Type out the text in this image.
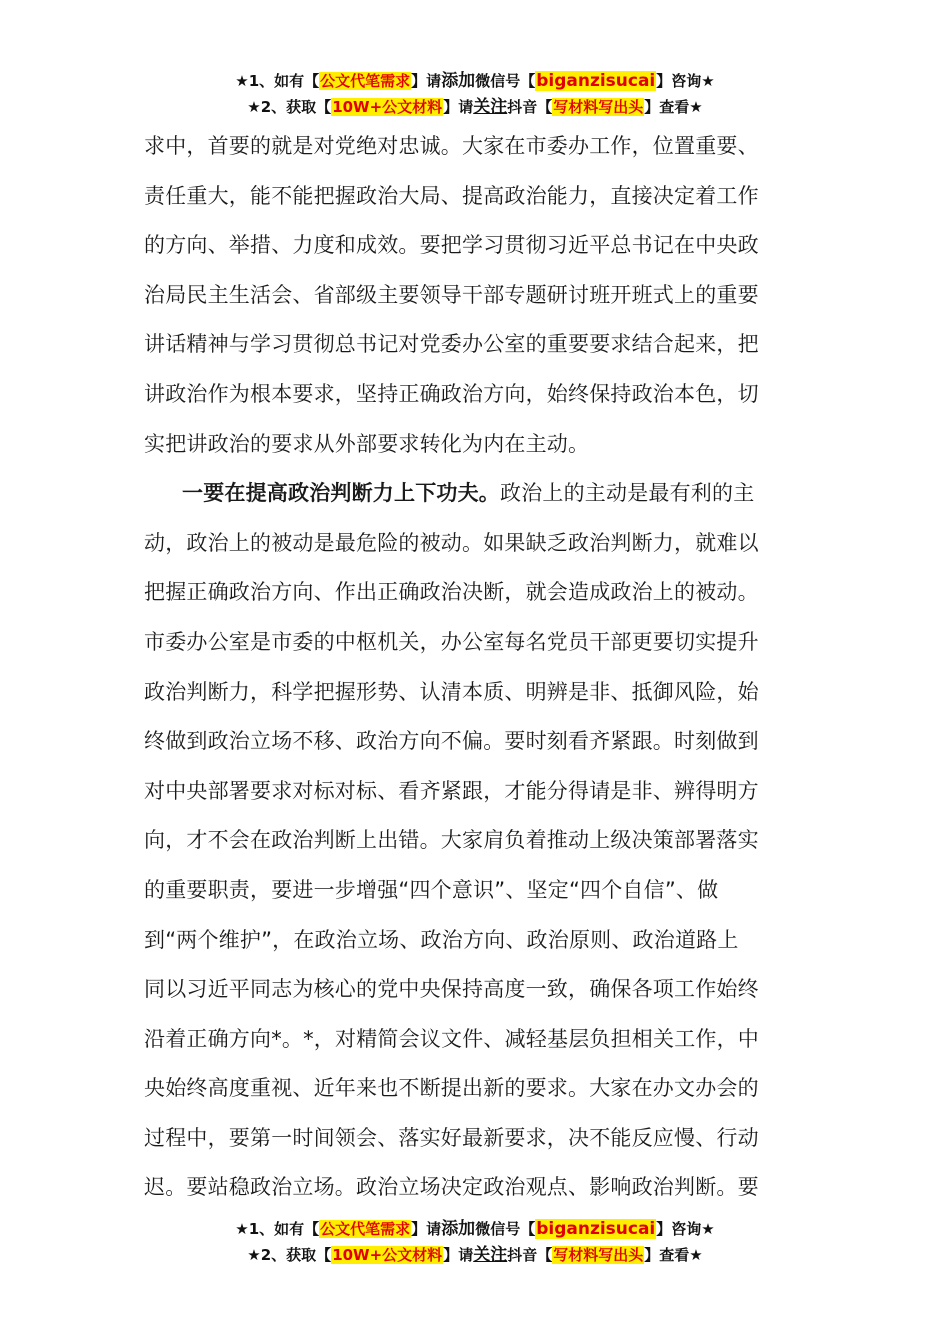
★1、如有【公文代笔需求】请添加微信号【biganzisucai】咨询★
★2、获取【10W+公文材料】请关注抖音【写材料写出头】查看★
求中，首要的就是对党绝对忠诚。大家在市委办工作，位置重要、
责任重大，能不能把握政治大局、提高政治能力，直接决定着工作
的方向、举措、力度和成效。要把学习贯彻习近平总书记在中央政
治局民主生活会、省部级主要领导干部专题研讨班开班式上的重要
讲话精神与学习贯彻总书记对党委办公室的重要要求结合起来，把
讲政治作为根本要求，坚持正确政治方向，始终保持政治本色，切
实把讲政治的要求从外部要求转化为内在主动。
一要在提高政治判断力上下功夫。政治上的主动是最有利的主
动，政治上的被动是最危险的被动。如果缺乏政治判断力，就难以
把握正确政治方向、作出正确政治决断，就会造成政治上的被动。
市委办公室是市委的中枢机关，办公室每名党员干部更要切实提升
政治判断力，科学把握形势、认清本质、明辨是非、抵御风险，始
终做到政治立场不移、政治方向不偏。要时刻看齐紧跟。时刻做到
对中央部署要求对标对标、看齐紧跟，才能分得请是非、辨得明方
向，才不会在政治判断上出错。大家肩负着推动上级决策部署落实
的重要职责，要进一步增强“四个意识”、坚定“四个自信”、做
到“两个维护”，在政治立场、政治方向、政治原则、政治道路上
同以习近平同志为核心的党中央保持高度一致，确保各项工作始终
沿着正确方向*。*，对精简会议文件、减轻基层负担相关工作，中
央始终高度重视、近年来也不断提出新的要求。大家在办文办会的
过程中，要第一时间领会、落实好最新要求，决不能反应慢、行动
迟。要站稳政治立场。政治立场决定政治观点、影响政治判断。要
★1、如有【公文代笔需求】请添加微信号【biganzisucai】咨询★
★2、获取【10W+公文材料】请关注抖音【写材料写出头】查看★
